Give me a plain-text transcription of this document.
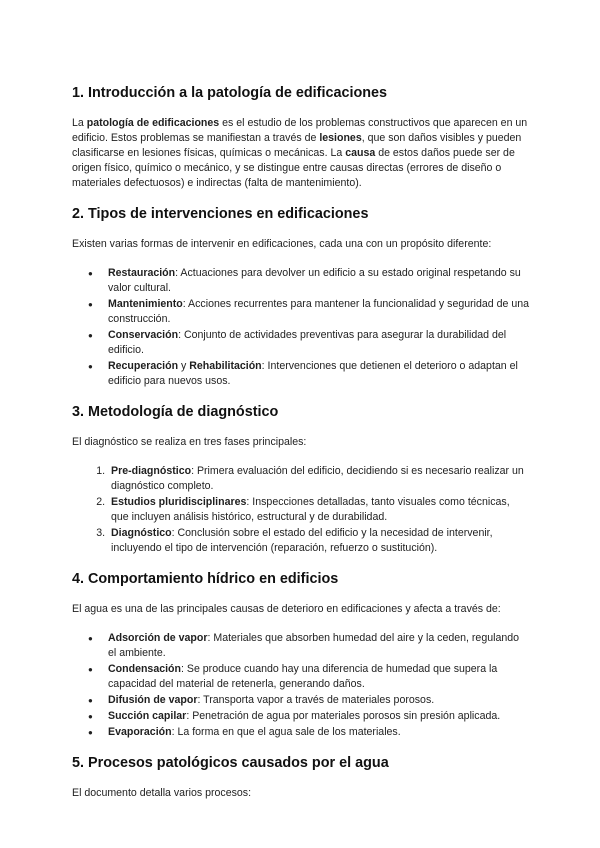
1. Introducción a la patología de edificaciones

La patología de edificaciones es el estudio de los problemas constructivos que aparecen en un edificio. Estos problemas se manifiestan a través de lesiones, que son daños visibles y pueden clasificarse en lesiones físicas, químicas o mecánicas. La causa de estos daños puede ser de origen físico, químico o mecánico, y se distingue entre causas directas (errores de diseño o materiales defectuosos) e indirectas (falta de mantenimiento).

2. Tipos de intervenciones en edificaciones

Existen varias formas de intervenir en edificaciones, cada una con un propósito diferente:

● Restauración: Actuaciones para devolver un edificio a su estado original respetando su valor cultural.
● Mantenimiento: Acciones recurrentes para mantener la funcionalidad y seguridad de una construcción.
● Conservación: Conjunto de actividades preventivas para asegurar la durabilidad del edificio.
● Recuperación y Rehabilitación: Intervenciones que detienen el deterioro o adaptan el edificio para nuevos usos.
3. Metodología de diagnóstico

El diagnóstico se realiza en tres fases principales:

1. Pre-diagnóstico: Primera evaluación del edificio, decidiendo si es necesario realizar un diagnóstico completo.
2. Estudios pluridisciplinares: Inspecciones detalladas, tanto visuales como técnicas, que incluyen análisis histórico, estructural y de durabilidad.
3. Diagnóstico: Conclusión sobre el estado del edificio y la necesidad de intervenir, incluyendo el tipo de intervención (reparación, refuerzo o sustitución).
4. Comportamiento hídrico en edificios

El agua es una de las principales causas de deterioro en edificaciones y afecta a través de:

● Adsorción de vapor: Materiales que absorben humedad del aire y la ceden, regulando el ambiente.
● Condensación: Se produce cuando hay una diferencia de humedad que supera la capacidad del material de retenerla, generando daños.
● Difusión de vapor: Transporta vapor a través de materiales porosos.
● Succión capilar: Penetración de agua por materiales porosos sin presión aplicada.
● Evaporación: La forma en que el agua sale de los materiales.
5. Procesos patológicos causados por el agua

El documento detalla varios procesos:
